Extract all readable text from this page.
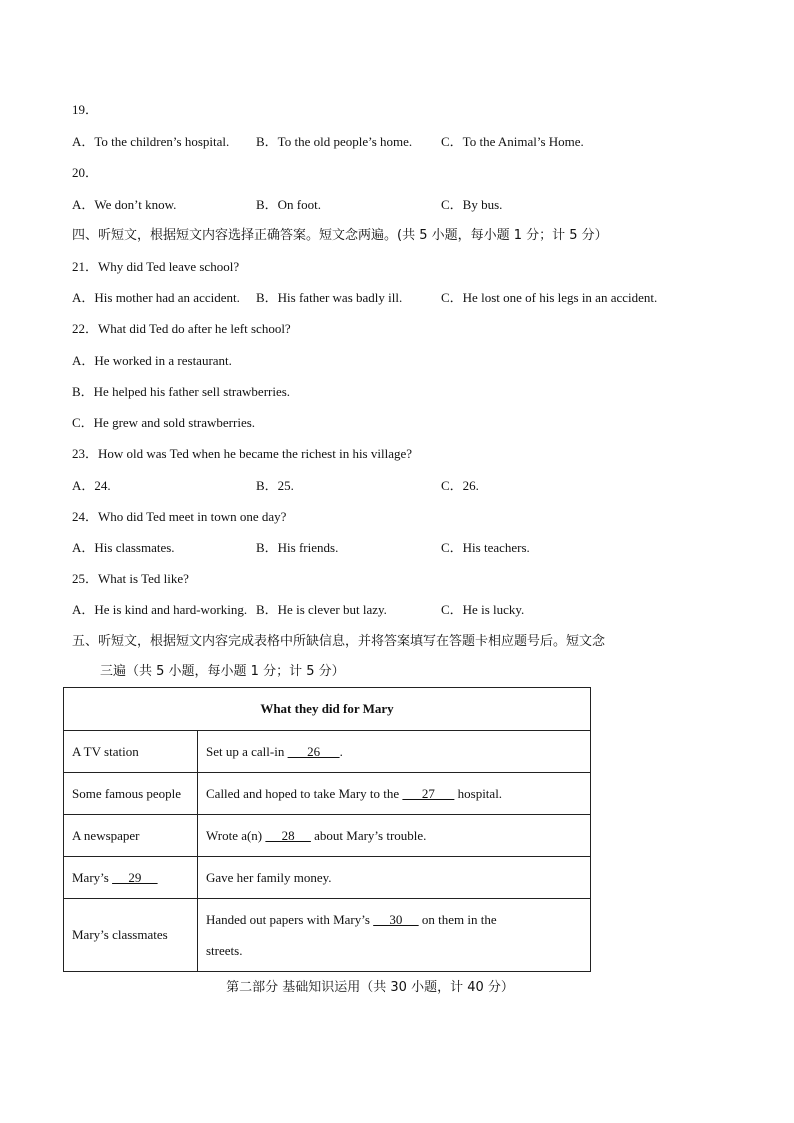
19．
A．To the children’s hospital. B．To the old people’s home. C．To the Animal’s Home.
20．
A．We don’t know.	B．On foot.	C．By bus.
四、听短文，根据短文内容选择正确答案。短文念两遍。(共 5 小题，每小题 1 分；计 5 分）
21．Why did Ted leave school?
A．His mother had an accident. B．His father was badly ill.	C．He lost one of his legs in an accident.
22．What did Ted do after he left school?
A．He worked in a restaurant.
B．He helped his father sell strawberries.
C．He grew and sold strawberries.
23．How old was Ted when he became the richest in his village?
A．24.	B．25.	C．26.
24．Who did Ted meet in town one day?
A．His classmates.	B．His friends.	C．His teachers.
25．What is Ted like?
A．He is kind and hard-working. B．He is clever but lazy.	C．He is lucky.
五、听短文，根据短文内容完成表格中所缺信息，并将答案填写在答题卡相应题号后。短文念
三遍（共 5 小题，每小题 1 分；计 5 分）
What they did for Mary	
A TV station	Set up a call-in       26      .
Some famous people	Called and hoped to take Mary to the       27       hospital.
A newspaper	Wrote a(n)      28      about Mary’s trouble.
Mary’s      29	Gave her family money.
Mary’s classmates	Handed out papers with Mary’s      30      on them in the
streets.
第二部分 基础知识运用（共 30 小题，计 40 分）
